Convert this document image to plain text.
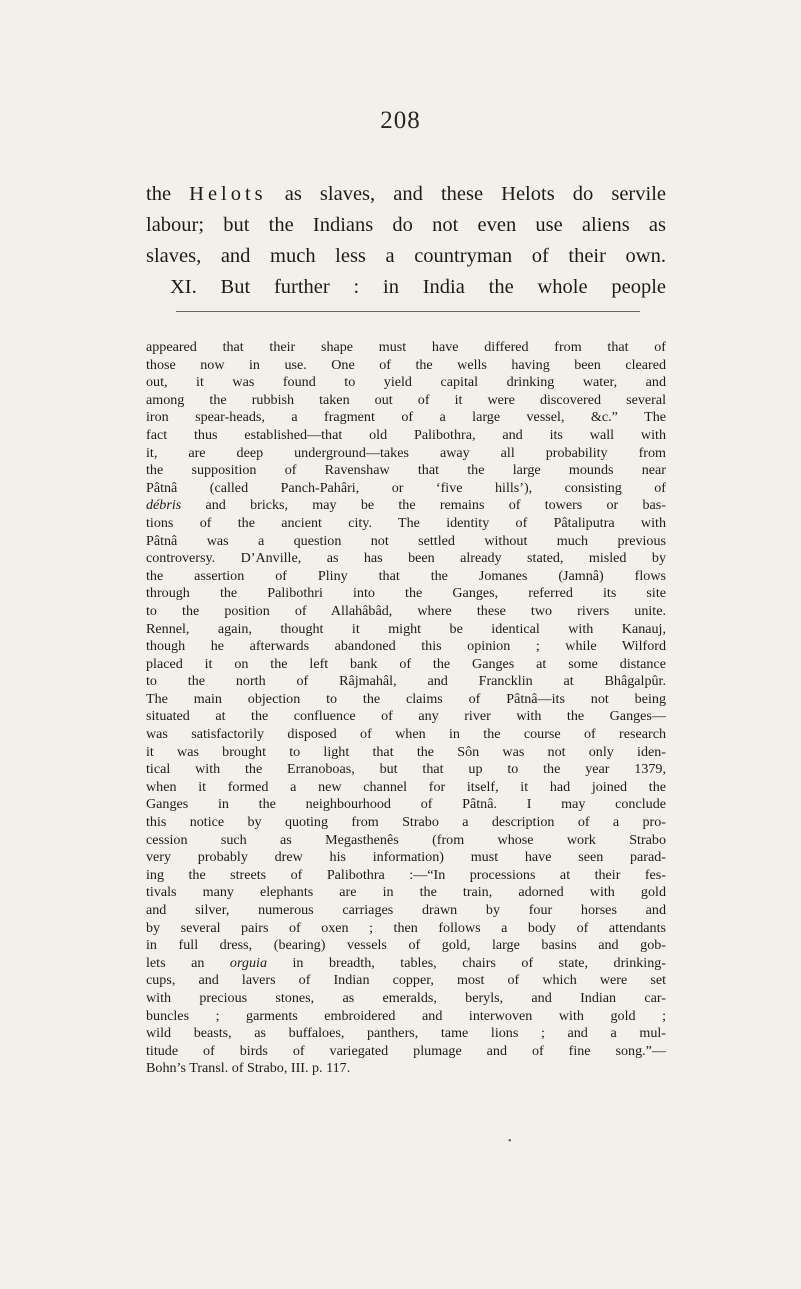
208
the Helots as slaves, and these Helots do servile
labour; but the Indians do not even use aliens as
slaves, and much less a countryman of their own.
XI. But further : in India the whole people
appeared that their shape must have differed from that of
those now in use. One of the wells having been cleared
out, it was found to yield capital drinking water, and
among the rubbish taken out of it were discovered several
iron spear-heads, a fragment of a large vessel, &c.” The
fact thus established—that old Palibothra, and its wall with
it, are deep underground—takes away all probability from
the supposition of Ravenshaw that the large mounds near
Pâtnâ (called Panch-Pahâri, or ‘five hills’), consisting of
débris and bricks, may be the remains of towers or bas-
tions of the ancient city. The identity of Pâtaliputra with
Pâtnâ was a question not settled without much previous
controversy. D’Anville, as has been already stated, misled by
the assertion of Pliny that the Jomanes (Jamnâ) flows
through the Palibothri into the Ganges, referred its site
to the position of Allahâbâd, where these two rivers unite.
Rennel, again, thought it might be identical with Kanauj,
though he afterwards abandoned this opinion ; while Wilford
placed it on the left bank of the Ganges at some distance
to the north of Râjmahâl, and Francklin at Bhâgalpûr.
The main objection to the claims of Pâtnâ—its not being
situated at the confluence of any river with the Ganges—
was satisfactorily disposed of when in the course of research
it was brought to light that the Sôn was not only iden-
tical with the Erranoboas, but that up to the year 1379,
when it formed a new channel for itself, it had joined the
Ganges in the neighbourhood of Pâtnâ. I may conclude
this notice by quoting from Strabo a description of a pro-
cession such as Megasthenês (from whose work Strabo
very probably drew his information) must have seen parad-
ing the streets of Palibothra :—“In processions at their fes-
tivals many elephants are in the train, adorned with gold
and silver, numerous carriages drawn by four horses and
by several pairs of oxen ; then follows a body of attendants
in full dress, (bearing) vessels of gold, large basins and gob-
lets an orguia in breadth, tables, chairs of state, drinking-
cups, and lavers of Indian copper, most of which were set
with precious stones, as emeralds, beryls, and Indian car-
buncles ; garments embroidered and interwoven with gold ;
wild beasts, as buffaloes, panthers, tame lions ; and a mul-
titude of birds of variegated plumage and of fine song.”—
Bohn’s Transl. of Strabo, III. p. 117.
•
